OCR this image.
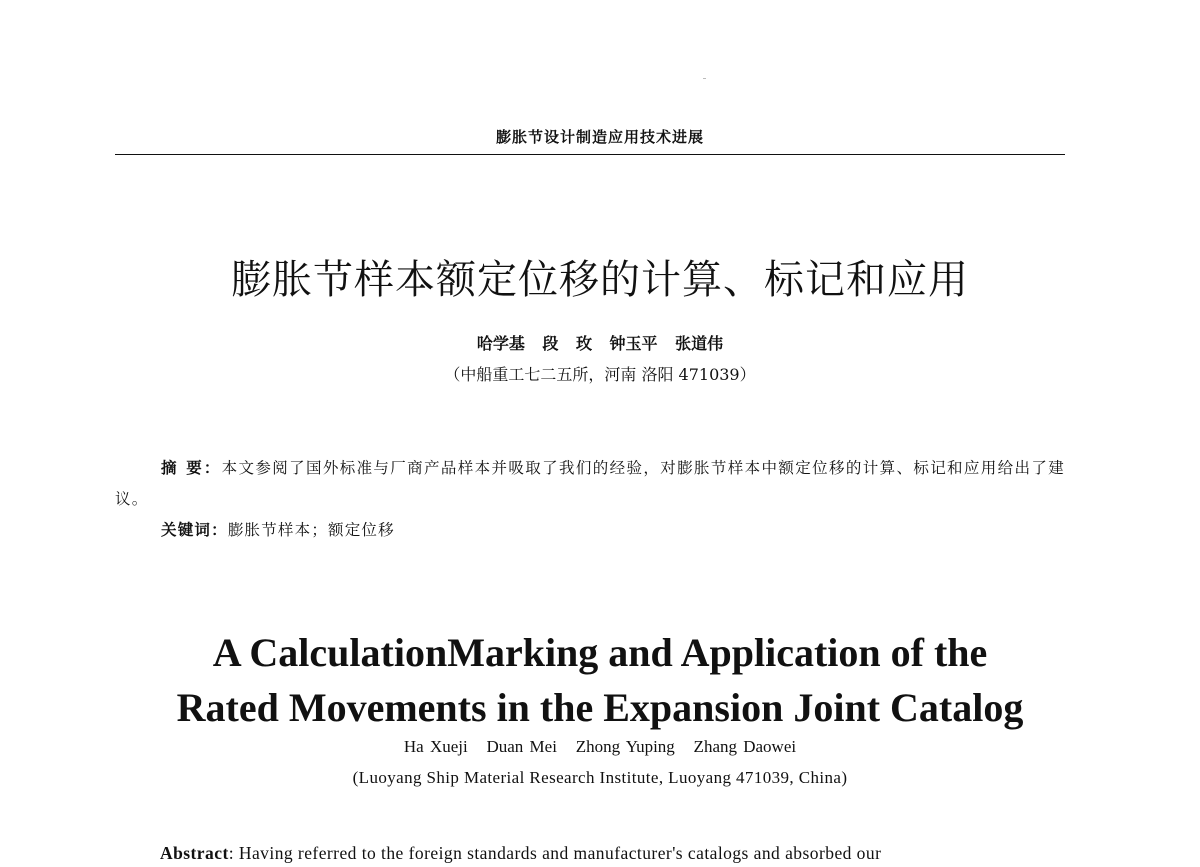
膨胀节设计制造应用技术进展
膨胀节样本额定位移的计算、标记和应用
哈学基 段 玫 钟玉平 张道伟
（中船重工七二五所，河南 洛阳 471039）
摘 要：本文参阅了国外标准与厂商产品样本并吸取了我们的经验，对膨胀节样本中额定位移的计算、标记和应用给出了建议。
关键词：膨胀节样本；额定位移
A CalculationMarking and Application of the
Rated Movements in the Expansion Joint Catalog
Ha Xueji   Duan Mei   Zhong Yuping   Zhang Daowei
(Luoyang Ship Material Research Institute, Luoyang 471039, China)
Abstract: Having referred to the foreign standards and manufacturer's catalogs and absorbed our
